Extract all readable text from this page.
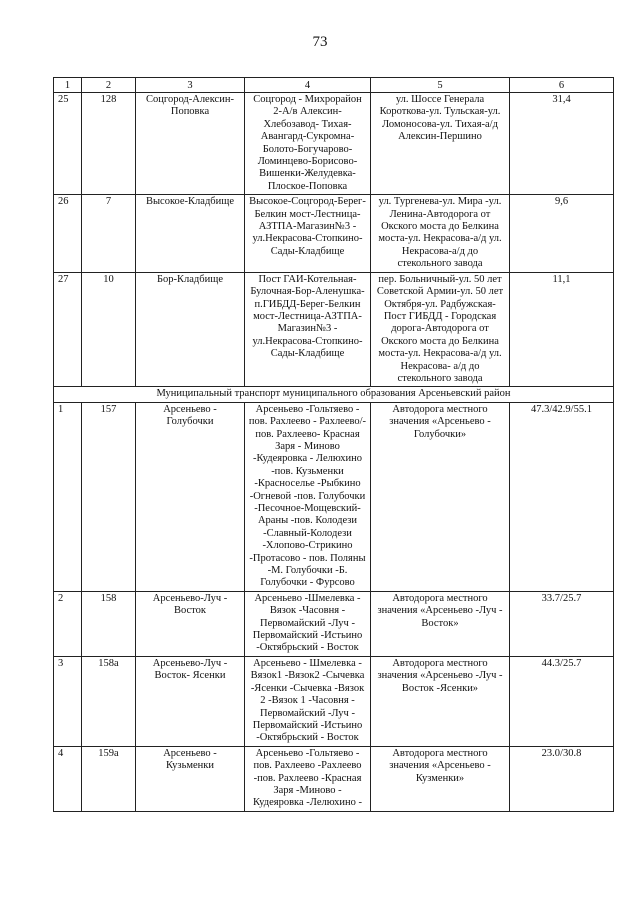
73
1	2	3	4	5	6
25	128	Соцгород-Алексин-Поповка	Соцгород - Михрорайон 2-А/в Алексин-Хлебозавод- Тихая-Авангард-Сукромна-Болото-Богучарово-Ломинцево-Борисово-Вишенки-Желудевка-Плоское-Поповка	ул. Шоссе Генерала Короткова-ул. Тульская-ул. Ломоносова-ул. Тихая-а/д Алексин-Першино	31,4
26	7	Высокое-Кладбище	Высокое-Соцгород-Берег-Белкин мост-Лестница-АЗТПА-Магазин№3 - ул.Некрасова-Стопкино-Сады-Кладбище	ул. Тургенева-ул. Мира -ул. Ленина-Автодорога от Окского моста до Белкина моста-ул. Некрасова-а/д ул. Некрасова-а/д до стекольного завода	9,6
27	10	Бор-Кладбище	Пост ГАИ-Котельная-Булочная-Бор-Аленушка-п.ГИБДД-Берег-Белкин мост-Лестница-АЗТПА-Магазин№3 - ул.Некрасова-Стопкино-Сады-Кладбище	пер. Больничный-ул. 50 лет Советской Армии-ул. 50 лет Октября-ул. Радбужская-Пост ГИБДД - Городская дорога-Автодорога от Окского моста до Белкина моста-ул. Некрасова-а/д ул. Некрасова- а/д до стекольного завода	11,1
Муниципальный транспорт муниципального образования Арсеньевский район					
1	157	Арсеньево - Голубочки	Арсеньево -Гольтяево - пов. Рахлеево - Рахлеево/- пов. Рахлеево- Красная Заря - Миново -Кудеяровка - Лелюхино -пов. Кузьменки -Красноселье -Рыбкино -Огневой -пов. Голубочки -Песочное-Мощевский- Араны -пов. Колодези -Славный-Колодези -Хлопово-Стрикино -Протасово - пов. Поляны -М. Голубочки -Б. Голубочки - Фурсово	Автодорога местного значения «Арсеньево - Голубочки»	47.3/42.9/55.1
2	158	Арсеньево-Луч - Восток	Арсеньево -Шмелевка - Вязок -Часовня - Первомайский -Луч - Первомайский -Истьино -Октябрьский - Восток	Автодорога местного значения «Арсеньево -Луч - Восток»	33.7/25.7
3	158а	Арсеньево-Луч - Восток- Ясенки	Арсеньево - Шмелевка - Вязок1 -Вязок2 -Сычевка -Ясенки -Сычевка -Вязок 2 -Вязок 1 -Часовня - Первомайский -Луч - Первомайский -Истьино -Октябрьский - Восток	Автодорога местного значения «Арсеньево -Луч - Восток -Ясенки»	44.3/25.7
4	159а	Арсеньево - Кузьменки	Арсеньево -Гольтяево - пов. Рахлеево -Рахлеево -пов. Рахлеево -Красная Заря -Миново - Кудеяровка -Лелюхино -	Автодорога местного значения «Арсеньево - Кузменки»	23.0/30.8
